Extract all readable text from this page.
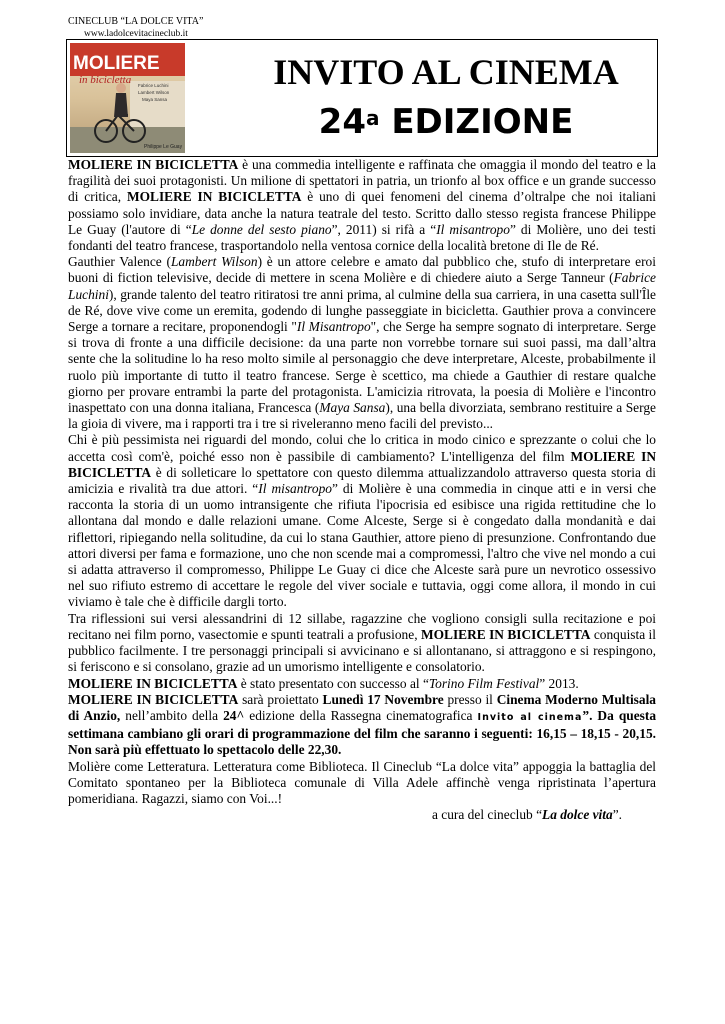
CINECLUB “LA DOLCE VITA”
www.ladolcevitacineclub.it
MOLIERE
in bicicletta Fabrice Luchini
Lambert Wilson
Maya Sansa
Philippe Le Guay
INVITO AL CINEMA
24$^a$ EDIZIONE

MOLIERE IN BICICLETTA è una commedia intelligente e raffinata che omaggia il mondo del teatro e la fragilità dei suoi protagonisti. Un milione di spettatori in patria, un trionfo al box office e un grande successo di critica, MOLIERE IN BICICLETTA è uno di quei fenomeni del cinema d’oltralpe che noi italiani possiamo solo invidiare, data anche la natura teatrale del testo. Scritto dallo stesso regista francese Philippe Le Guay (l'autore di “Le donne del sesto piano”, 2011) si rifà a “Il misantropo” di Molière, uno dei testi fondanti del teatro francese, trasportandolo nella ventosa cornice della località bretone di Ile de Ré.

Gauthier Valence (Lambert Wilson) è un attore celebre e amato dal pubblico che, stufo di interpretare eroi buoni di fiction televisive, decide di mettere in scena Molière e di chiedere aiuto a Serge Tanneur (Fabrice Luchini), grande talento del teatro ritiratosi tre anni prima, al culmine della sua carriera, in una casetta sull'Île de Ré, dove vive come un eremita, godendo di lunghe passeggiate in bicicletta. Gauthier prova a convincere Serge a tornare a recitare, proponendogli "Il Misantropo", che Serge ha sempre sognato di interpretare. Serge si trova di fronte a una difficile decisione: da una parte non vorrebbe tornare sui suoi passi, ma dall’altra sente che la solitudine lo ha reso molto simile al personaggio che deve interpretare, Alceste, probabilmente il ruolo più importante di tutto il teatro francese. Serge è scettico, ma chiede a Gauthier di restare qualche giorno per provare entrambi la parte del protagonista. L'amicizia ritrovata, la poesia di Molière e l'incontro inaspettato con una donna italiana, Francesca (Maya Sansa), una bella divorziata, sembrano restituire a Serge la gioia di vivere, ma i rapporti tra i tre si riveleranno meno facili del previsto...

Chi è più pessimista nei riguardi del mondo, colui che lo critica in modo cinico e sprezzante o colui che lo accetta così com'è, poiché esso non è passibile di cambiamento? L'intelligenza del film MOLIERE IN BICICLETTA è di solleticare lo spettatore con questo dilemma attualizzandolo attraverso questa storia di amicizia e rivalità tra due attori. “Il misantropo” di Molière è una commedia in cinque atti e in versi che racconta la storia di un uomo intransigente che rifiuta l'ipocrisia ed esibisce una rigida rettitudine che lo allontana dal mondo e dalle relazioni umane. Come Alceste, Serge si è congedato dalla mondanità e dai riflettori, ripiegando nella solitudine, da cui lo stana Gauthier, attore pieno di presunzione. Confrontando due attori diversi per fama e formazione, uno che non scende mai a compromessi, l'altro che vive nel mondo a cui si adatta attraverso il compromesso, Philippe Le Guay ci dice che Alceste sarà pure un nevrotico ossessivo nel suo rifiuto estremo di accettare le regole del viver sociale e tuttavia, oggi come allora, il mondo in cui viviamo è tale che è difficile dargli torto.

Tra riflessioni sui versi alessandrini di 12 sillabe, ragazzine che vogliono consigli sulla recitazione e poi recitano nei film porno, vasectomie e spunti teatrali a profusione, MOLIERE IN BICICLETTA conquista il pubblico facilmente. I tre personaggi principali si avvicinano e si allontanano, si attraggono e si respingono, si feriscono e si consolano, grazie ad un umorismo intelligente e consolatorio.

MOLIERE IN BICICLETTA è stato presentato con successo al “Torino Film Festival” 2013.

MOLIERE IN BICICLETTA sarà proiettato Lunedì 17 Novembre presso il Cinema Moderno Multisala di Anzio, nell’ambito della 24^ edizione della Rassegna cinematografica Invito al cinema”. Da questa settimana cambiano gli orari di programmazione del film che saranno i seguenti: 16,15 – 18,15 - 20,15. Non sarà più effettuato lo spettacolo delle 22,30.

Molière come Letteratura. Letteratura come Biblioteca. Il Cineclub “La dolce vita” appoggia la battaglia del Comitato spontaneo per la Biblioteca comunale di Villa Adele affinchè venga ripristinata l’apertura pomeridiana. Ragazzi, siamo con Voi...!

a cura del cineclub “La dolce vita”.
